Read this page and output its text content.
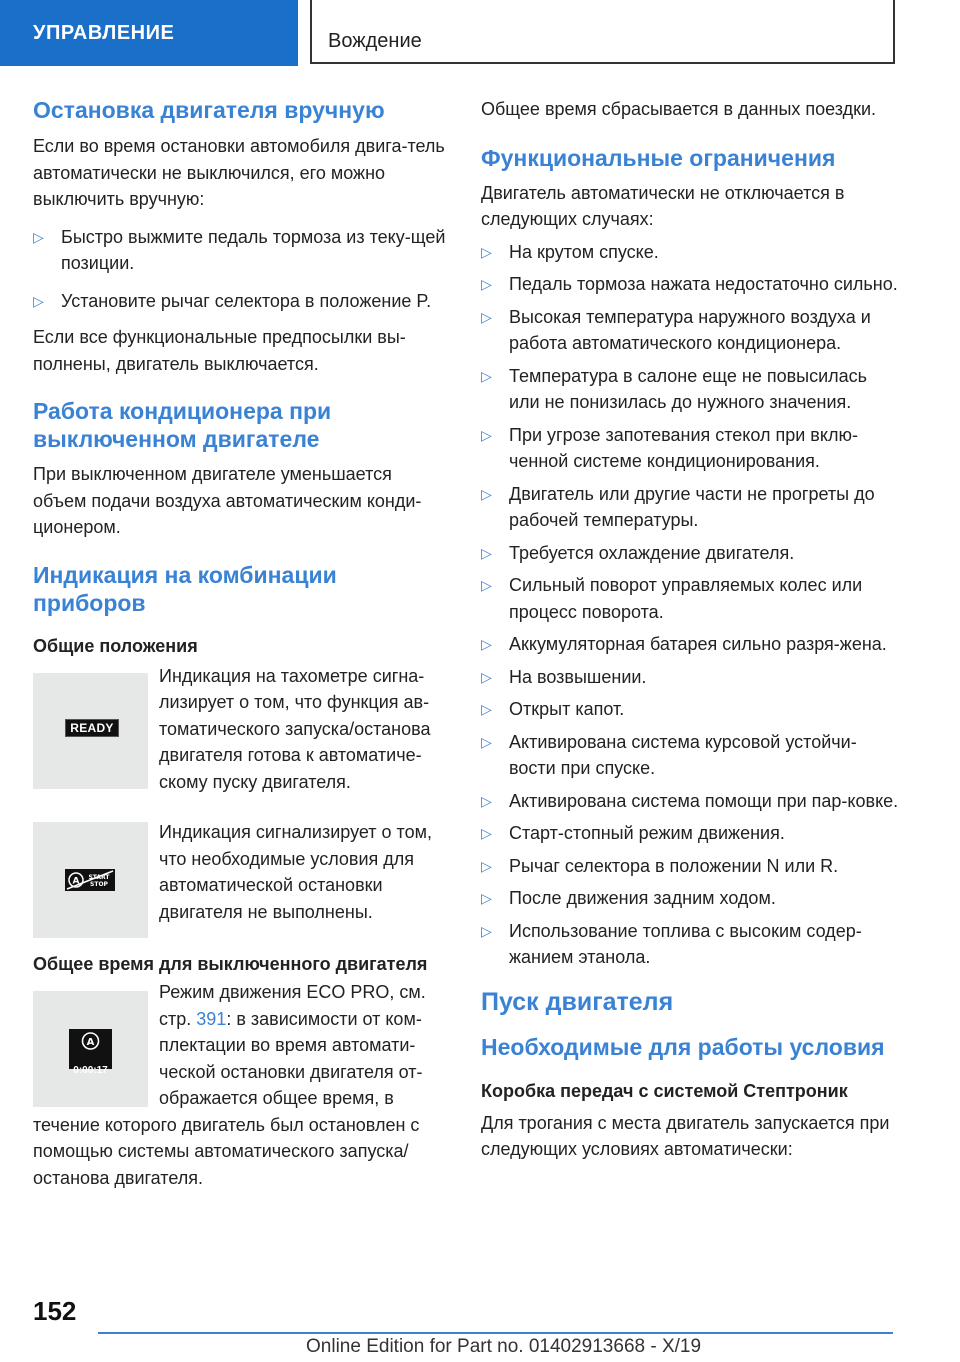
УПРАВЛЕНИЕ	Вождение
Остановка двигателя вручную

Если во время остановки автомобиля двига-тель автоматически не выключился, его можно выключить вручную:

▷ Быстро выжмите педаль тормоза из теку-щей позиции.
▷ Установите рычаг селектора в положение P.

Если все функциональные предпосылки вы-полнены, двигатель выключается.

Работа кондиционера при выключенном двигателе

При выключенном двигателе уменьшается объем подачи воздуха автоматическим конди-ционером.

Индикация на комбинации приборов
Общие положения
READY

Индикация на тахометре сигна-лизирует о том, что функция ав-томатического запуска/останова двигателя готова к автоматиче-скому пуску двигателя.

A START
STOP

Индикация сигнализирует о том, что необходимые условия для автоматической остановки двигателя не выполнены.

Общее время для выключенного двигателя
A
0:00:17

Режим движения ECO PRO, см. стр. 391: в зависимости от ком-плектации во время автомати-ческой остановки двигателя от-ображается общее время, в течение которого двигатель был остановлен с помощью системы автоматического запуска/останова двигателя.

Общее время сбрасывается в данных поездки.

Функциональные ограничения

Двигатель автоматически не отключается в следующих случаях:

▷ На крутом спуске.
▷ Педаль тормоза нажата недостаточно сильно.
▷ Высокая температура наружного воздуха и работа автоматического кондиционера.
▷ Температура в салоне еще не повысилась или не понизилась до нужного значения.
▷ При угрозе запотевания стекол при вклю-ченной системе кондиционирования.
▷ Двигатель или другие части не прогреты до рабочей температуры.
▷ Требуется охлаждение двигателя.
▷ Сильный поворот управляемых колес или процесс поворота.
▷ Аккумуляторная батарея сильно разря-жена.
▷ На возвышении.
▷ Открыт капот.
▷ Активирована система курсовой устойчи-вости при спуске.
▷ Активирована система помощи при пар-ковке.
▷ Старт-стопный режим движения.
▷ Рычаг селектора в положении N или R.
▷ После движения задним ходом.
▷ Использование топлива с высоким содер-жанием этанола.
Пуск двигателя
Необходимые для работы условия
Коробка передач с системой Стептроник

Для трогания с места двигатель запускается при следующих условиях автоматически:

152
Online Edition for Part no. 01402913668 - X/19
